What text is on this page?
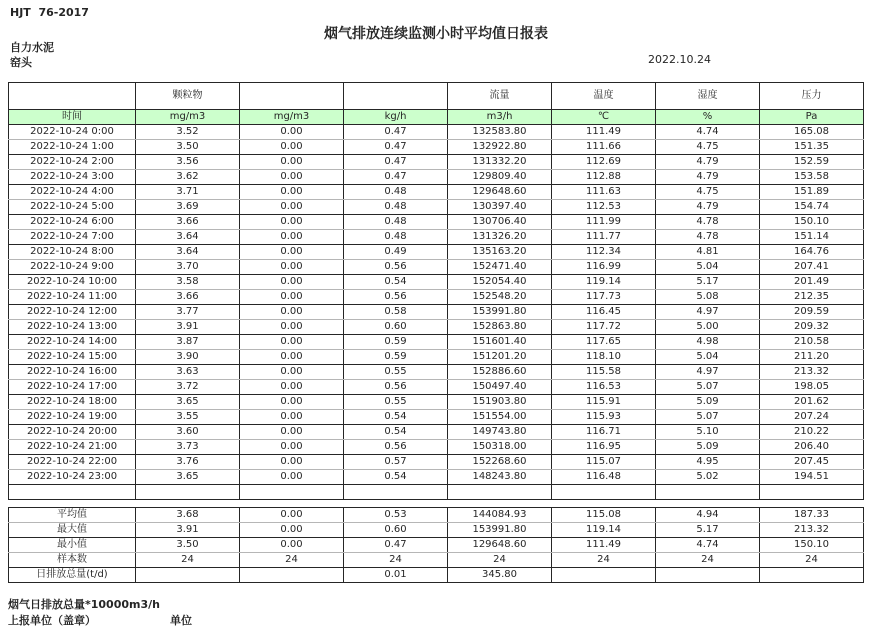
HJT  76-2017
烟气排放连续监测小时平均值日报表
自力水泥
窑头	2022.10.24
	颗粒物			流量	温度	湿度	压力

时间	mg/m3	mg/m3	kg/h	m3/h	℃	%	Pa
2022-10-24 0:00	3.52	0.00	0.47	132583.80	111.49	4.74	165.08
2022-10-24 1:00	3.50	0.00	0.47	132922.80	111.66	4.75	151.35
2022-10-24 2:00	3.56	0.00	0.47	131332.20	112.69	4.79	152.59
2022-10-24 3:00	3.62	0.00	0.47	129809.40	112.88	4.79	153.58
2022-10-24 4:00	3.71	0.00	0.48	129648.60	111.63	4.75	151.89
2022-10-24 5:00	3.69	0.00	0.48	130397.40	112.53	4.79	154.74
2022-10-24 6:00	3.66	0.00	0.48	130706.40	111.99	4.78	150.10
2022-10-24 7:00	3.64	0.00	0.48	131326.20	111.77	4.78	151.14
2022-10-24 8:00	3.64	0.00	0.49	135163.20	112.34	4.81	164.76
2022-10-24 9:00	3.70	0.00	0.56	152471.40	116.99	5.04	207.41
2022-10-24 10:00	3.58	0.00	0.54	152054.40	119.14	5.17	201.49
2022-10-24 11:00	3.66	0.00	0.56	152548.20	117.73	5.08	212.35
2022-10-24 12:00	3.77	0.00	0.58	153991.80	116.45	4.97	209.59
2022-10-24 13:00	3.91	0.00	0.60	152863.80	117.72	5.00	209.32
2022-10-24 14:00	3.87	0.00	0.59	151601.40	117.65	4.98	210.58
2022-10-24 15:00	3.90	0.00	0.59	151201.20	118.10	5.04	211.20
2022-10-24 16:00	3.63	0.00	0.55	152886.60	115.58	4.97	213.32
2022-10-24 17:00	3.72	0.00	0.56	150497.40	116.53	5.07	198.05
2022-10-24 18:00	3.65	0.00	0.55	151903.80	115.91	5.09	201.62
2022-10-24 19:00	3.55	0.00	0.54	151554.00	115.93	5.07	207.24
2022-10-24 20:00	3.60	0.00	0.54	149743.80	116.71	5.10	210.22
2022-10-24 21:00	3.73	0.00	0.56	150318.00	116.95	5.09	206.40
2022-10-24 22:00	3.76	0.00	0.57	152268.60	115.07	4.95	207.45
2022-10-24 23:00	3.65	0.00	0.54	148243.80	116.48	5.02	194.51

平均值	3.68	0.00	0.53	144084.93	115.08	4.94	187.33
最大值	3.91	0.00	0.60	153991.80	119.14	5.17	213.32
最小值	3.50	0.00	0.47	129648.60	111.49	4.74	150.10
样本数	24	24	24	24	24	24	24
日排放总量(t/d)			0.01	345.80			
烟气日排放总量*10000m3/h
上报单位（盖章）	单位
